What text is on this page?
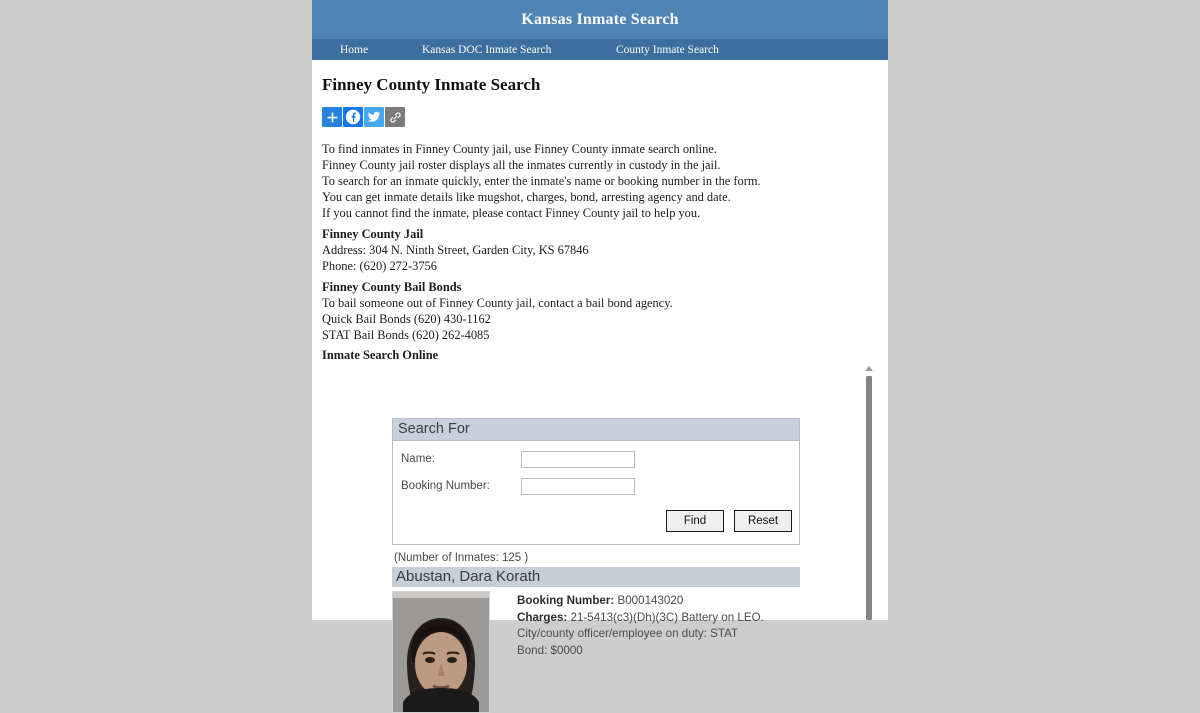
Kansas Inmate Search
Home	Kansas DOC Inmate Search	County Inmate Search
Finney County Inmate Search

To find inmates in Finney County jail, use Finney County inmate search online.

Finney County jail roster displays all the inmates currently in custody in the jail.

To search for an inmate quickly, enter the inmate's name or booking number in the form.

You can get inmate details like mugshot, charges, bond, arresting agency and date.

If you cannot find the inmate, please contact Finney County jail to help you.

Finney County Jail

Address: 304 N. Ninth Street, Garden City, KS 67846

Phone: (620) 272-3756

Finney County Bail Bonds

To bail someone out of Finney County jail, contact a bail bond agency.

Quick Bail Bonds (620) 430-1162

STAT Bail Bonds (620) 262-4085

Inmate Search Online

Search For
Name:
Booking Number:
Find	Reset
(Number of Inmates: 125 )
Abustan, Dara Korath
Booking Number: B000143020
Charges: 21-5413(c3)(Dh)(3C) Battery on LEO.
City/county officer/employee on duty: STAT
Bond: $0000
